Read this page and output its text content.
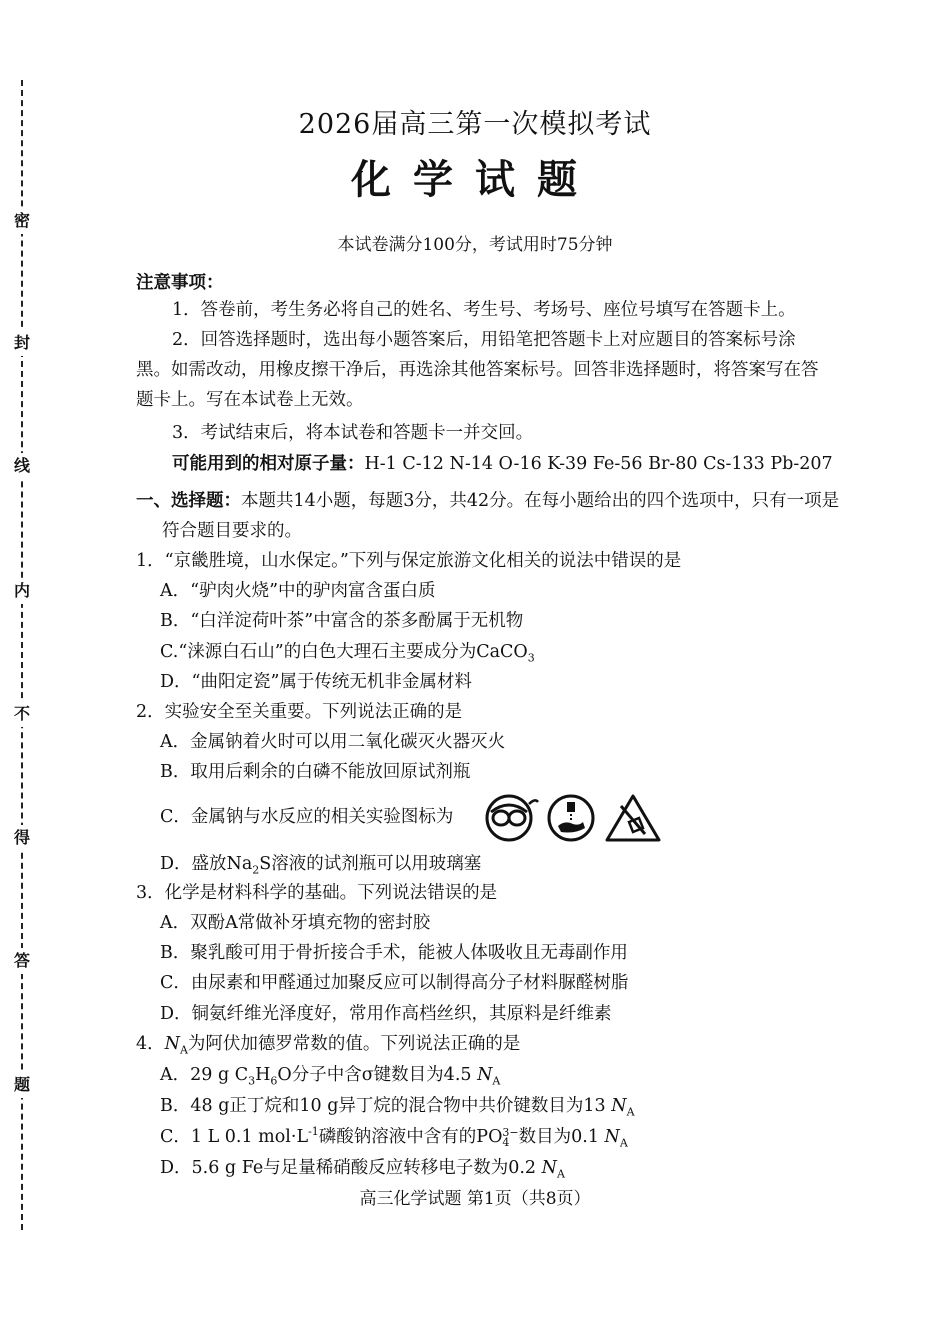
密
封
线
内
不
得
答
题
2026届高三第一次模拟考试
化学试题
本试卷满分100分，考试用时75分钟
注意事项：
1．答卷前，考生务必将自己的姓名、考生号、考场号、座位号填写在答题卡上。
2．回答选择题时，选出每小题答案后，用铅笔把答题卡上对应题目的答案标号涂
黑。如需改动，用橡皮擦干净后，再选涂其他答案标号。回答非选择题时，将答案写在答
题卡上。写在本试卷上无效。
3．考试结束后，将本试卷和答题卡一并交回。
可能用到的相对原子量：H-1 C-12 N-14 O-16 K-39 Fe-56 Br-80 Cs-133 Pb-207
一、选择题：本题共14小题，每题3分，共42分。在每小题给出的四个选项中，只有一项是
符合题目要求的。
1．“京畿胜境，山水保定。”下列与保定旅游文化相关的说法中错误的是
A．“驴肉火烧”中的驴肉富含蛋白质
B．“白洋淀荷叶茶”中富含的茶多酚属于无机物
C.“涞源白石山”的白色大理石主要成分为CaCO$_3$
D．“曲阳定瓷”属于传统无机非金属材料
2．实验安全至关重要。下列说法正确的是
A．金属钠着火时可以用二氧化碳灭火器灭火
B．取用后剩余的白磷不能放回原试剂瓶
C．金属钠与水反应的相关实验图标为
D．盛放$Na_2S$溶液的试剂瓶可以用玻璃塞
3．化学是材料科学的基础。下列说法错误的是
A．双酚A常做补牙填充物的密封胶
B．聚乳酸可用于骨折接合手术，能被人体吸收且无毒副作用
C．由尿素和甲醛通过加聚反应可以制得高分子材料脲醛树脂
D．铜氨纤维光泽度好，常用作高档丝织，其原料是纤维素
4．$N_A$为阿伏加德罗常数的值。下列说法正确的是
A．29 g $C_3H_6O$分子中含σ键数目为4.5 $N_A$
B．48 g正丁烷和10 g异丁烷的混合物中共价键数目为13 $N_A$
C．1 L 0.1 $mol\cdot L^{-1}$磷酸钠溶液中含有的PO 3−
4 数目为0.1 $N_A$
D．5.6 g Fe与足量稀硝酸反应转移电子数为0.2 $N_A$
高三化学试题 第1页（共8页）
